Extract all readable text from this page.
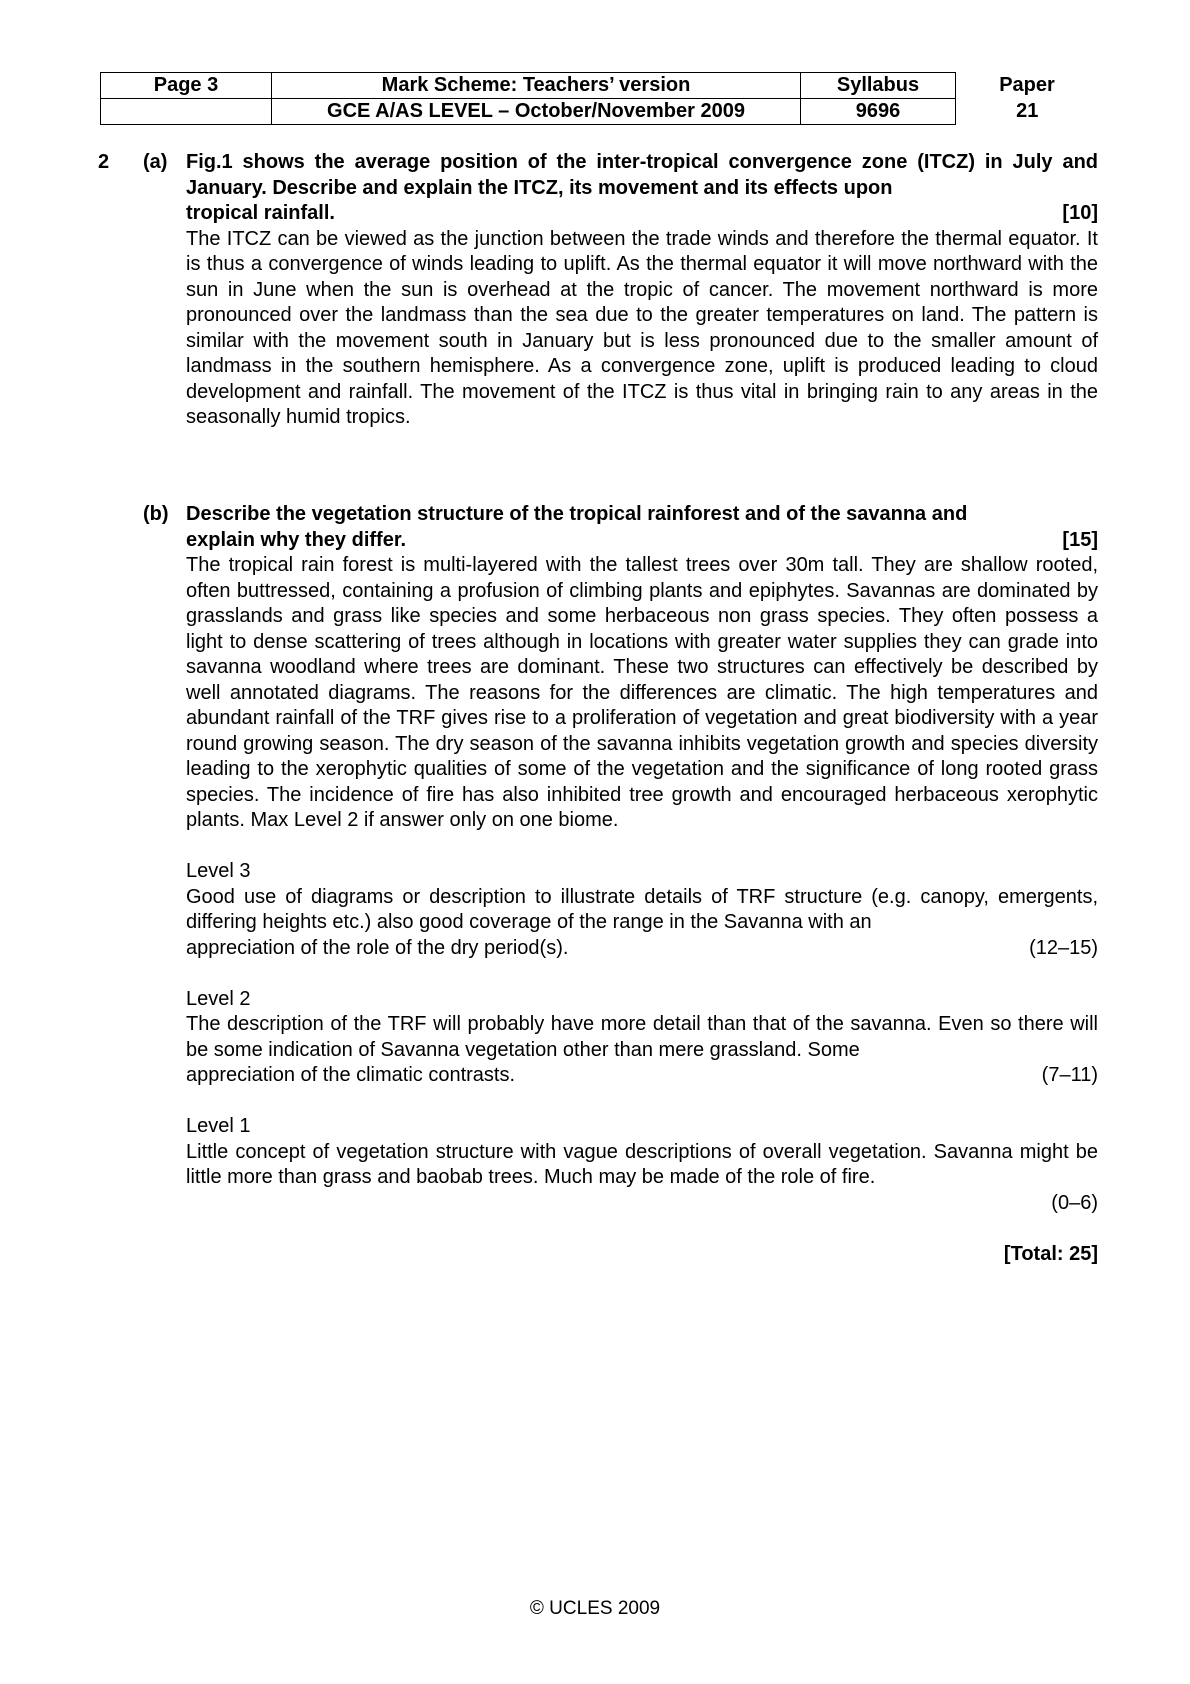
Page 3	Mark Scheme: Teachers’ version	Syllabus	Paper
	GCE A/AS LEVEL – October/November 2009	9696	21
2 (a) Fig.1 shows the average position of the inter-tropical convergence zone (ITCZ) in July and January. Describe and explain the ITCZ, its movement and its effects upon

tropical rainfall.	[10]

The ITCZ can be viewed as the junction between the trade winds and therefore the thermal equator. It is thus a convergence of winds leading to uplift. As the thermal equator it will move northward with the sun in June when the sun is overhead at the tropic of cancer. The movement northward is more pronounced over the landmass than the sea due to the greater temperatures on land. The pattern is similar with the movement south in January but is less pronounced due to the smaller amount of landmass in the southern hemisphere. As a convergence zone, uplift is produced leading to cloud development and rainfall. The movement of the ITCZ is thus vital in bringing rain to any areas in the seasonally humid tropics.

(b) Describe the vegetation structure of the tropical rainforest and of the savanna and

explain why they differ.	[15]

The tropical rain forest is multi-layered with the tallest trees over 30m tall. They are shallow rooted, often buttressed, containing a profusion of climbing plants and epiphytes. Savannas are dominated by grasslands and grass like species and some herbaceous non grass species. They often possess a light to dense scattering of trees although in locations with greater water supplies they can grade into savanna woodland where trees are dominant. These two structures can effectively be described by well annotated diagrams. The reasons for the differences are climatic. The high temperatures and abundant rainfall of the TRF gives rise to a proliferation of vegetation and great biodiversity with a year round growing season. The dry season of the savanna inhibits vegetation growth and species diversity leading to the xerophytic qualities of some of the vegetation and the significance of long rooted grass species. The incidence of fire has also inhibited tree growth and encouraged herbaceous xerophytic plants. Max Level 2 if answer only on one biome.

Level 3

Good use of diagrams or description to illustrate details of TRF structure (e.g. canopy, emergents, differing heights etc.) also good coverage of the range in the Savanna with an

appreciation of the role of the dry period(s).	(12–15)
Level 2

The description of the TRF will probably have more detail than that of the savanna. Even so there will be some indication of Savanna vegetation other than mere grassland. Some

appreciation of the climatic contrasts.	(7–11)
Level 1

Little concept of vegetation structure with vague descriptions of overall vegetation. Savanna might be little more than grass and baobab trees. Much may be made of the role of fire.

(0–6)
[Total: 25]
© UCLES 2009
